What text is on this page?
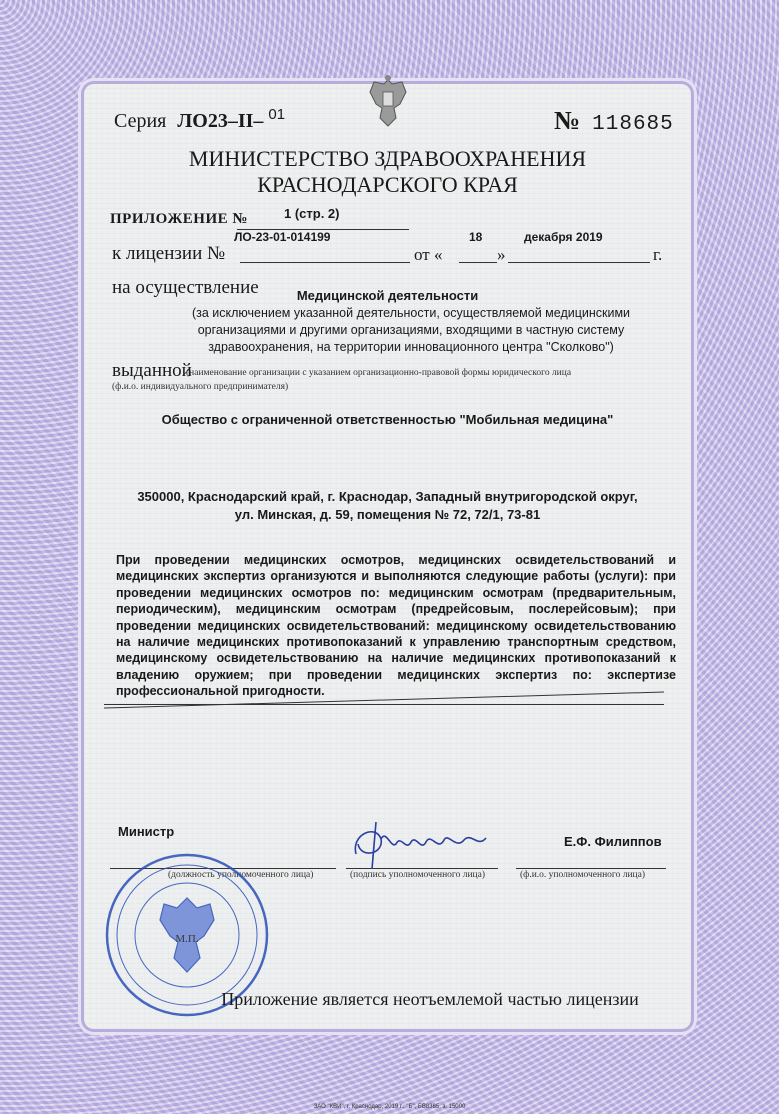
Серия ЛО23–II– $^{01}$	№ 118685
МИНИСТЕРСТВО ЗДРАВООХРАНЕНИЯ
КРАСНОДАРСКОГО КРАЯ
ПРИЛОЖЕНИЕ №	1 (стр. 2)
ЛО-23-01-014199	18	декабря 2019
к лицензии №	от «	»	г.
на осуществление	Медицинской деятельности
(за исключением указанной деятельности, осуществляемой медицинскими организациями и другими организациями, входящими в частную систему здравоохранения, на территории инновационного центра "Сколково")
выданной
(наименование организации с указанием организационно-правовой формы юридического лица
(ф.и.о. индивидуального предпринимателя)
Общество с ограниченной ответственностью "Мобильная медицина"
350000, Краснодарский край, г. Краснодар, Западный внутригородской округ,
ул. Минская, д. 59, помещения № 72, 72/1, 73-81
При проведении медицинских осмотров, медицинских освидетельствований и медицинских экспертиз организуются и выполняются следующие работы (услуги): при проведении медицинских осмотров по: медицинским осмотрам (предварительным, периодическим), медицинским осмотрам (предрейсовым, послерейсовым); при проведении медицинских освидетельствований: медицинскому освидетельствованию на наличие медицинских противопоказаний к управлению транспортным средством, медицинскому освидетельствованию на наличие медицинских противопоказаний к владению оружием; при проведении медицинских экспертиз по: экспертизе профессиональной пригодности.
Министр
(должность уполномоченного лица)	(подпись уполномоченного лица)
Е.Ф. Филиппов
(ф.и.о. уполномоченного лица)
М.П.
Приложение является неотъемлемой частью лицензии
ЗАО "КВИ", г. Краснодар, 2019 г., "Б", БВ8385, з. 15000
